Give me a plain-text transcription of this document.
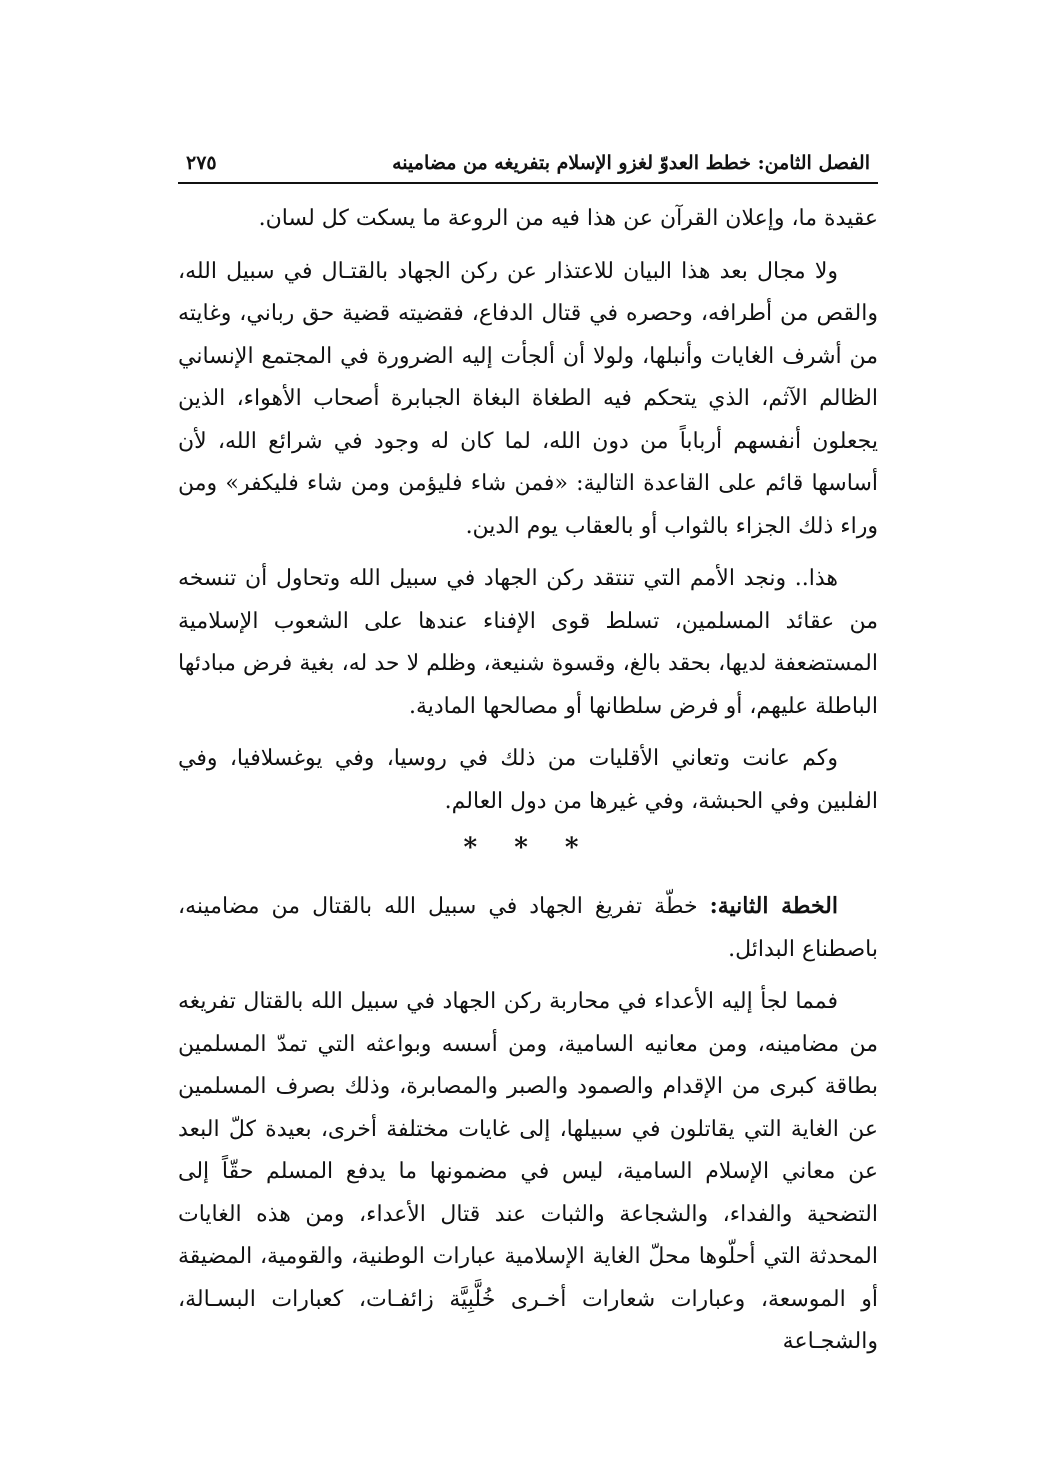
الفصل الثامن: خطط العدوّ لغزو الإسلام بتفريغه من مضامينه
٢٧٥

عقيدة ما، وإعلان القرآن عن هذا فيه من الروعة ما يسكت كل لسان.

ولا مجال بعد هذا البيان للاعتذار عن ركن الجهاد بالقتـال في سبيل الله، والقص من أطرافه، وحصره في قتال الدفاع، فقضيته قضية حق رباني، وغايته من أشرف الغايات وأنبلها، ولولا أن ألجأت إليه الضرورة في المجتمع الإنساني الظالم الآثم، الذي يتحكم فيه الطغاة البغاة الجبابرة أصحاب الأهواء، الذين يجعلون أنفسهم أرباباً من دون الله، لما كان له وجود في شرائع الله، لأن أساسها قائم على القاعدة التالية: «فمن شاء فليؤمن ومن شاء فليكفر» ومن وراء ذلك الجزاء بالثواب أو بالعقاب يوم الدين.

هذا.. ونجد الأمم التي تنتقد ركن الجهاد في سبيل الله وتحاول أن تنسخه من عقائد المسلمين، تسلط قوى الإفناء عندها على الشعوب الإسلامية المستضعفة لديها، بحقد بالغ، وقسوة شنيعة، وظلم لا حد له، بغية فرض مبادئها الباطلة عليهم، أو فرض سلطانها أو مصالحها المادية.

وكم عانت وتعاني الأقليات من ذلك في روسيا، وفي يوغسلافيا، وفي الفلبين وفي الحبشة، وفي غيرها من دول العالم.

* * *

الخطة الثانية: خطّة تفريغ الجهاد في سبيل الله بالقتال من مضامينه، باصطناع البدائل.

فمما لجأ إليه الأعداء في محاربة ركن الجهاد في سبيل الله بالقتال تفريغه من مضامينه، ومن معانيه السامية، ومن أسسه وبواعثه التي تمدّ المسلمين بطاقة كبرى من الإقدام والصمود والصبر والمصابرة، وذلك بصرف المسلمين عن الغاية التي يقاتلون في سبيلها، إلى غايات مختلفة أخرى، بعيدة كلّ البعد عن معاني الإسلام السامية، ليس في مضمونها ما يدفع المسلم حقّاً إلى التضحية والفداء، والشجاعة والثبات عند قتال الأعداء، ومن هذه الغايات المحدثة التي أحلّوها محلّ الغاية الإسلامية عبارات الوطنية، والقومية، المضيقة أو الموسعة، وعبارات شعارات أخـرى خُلَّبِيَّة زائفـات، كعبارات البسـالة، والشجـاعة
